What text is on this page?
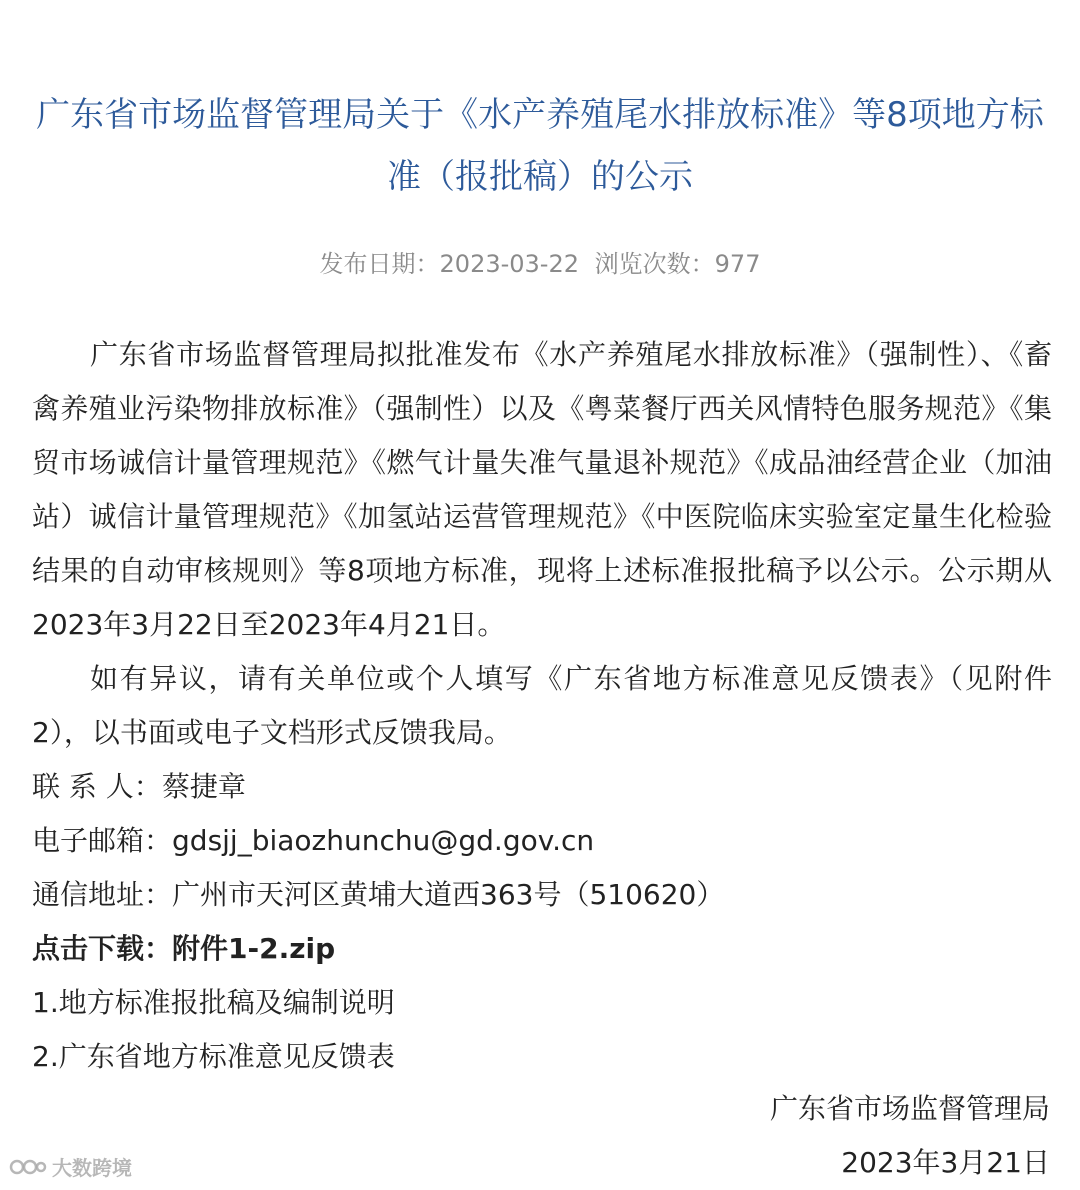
广东省市场监督管理局关于《水产养殖尾水排放标准》等8项地方标准（报批稿）的公示
发布日期：2023-03-22 浏览次数：977

广东省市场监督管理局拟批准发布《水产养殖尾水排放标准》（强制性）、《畜禽养殖业污染物排放标准》（强制性）以及《粤菜餐厅西关风情特色服务规范》《集贸市场诚信计量管理规范》《燃气计量失准气量退补规范》《成品油经营企业（加油站）诚信计量管理规范》《加氢站运营管理规范》《中医院临床实验室定量生化检验结果的自动审核规则》等8项地方标准，现将上述标准报批稿予以公示。公示期从2023年3月22日至2023年4月21日。

如有异议，请有关单位或个人填写《广东省地方标准意见反馈表》（见附件2），以书面或电子文档形式反馈我局。

联 系 人：蔡捷章

电子邮箱：gdsjj_biaozhunchu@gd.gov.cn

通信地址：广州市天河区黄埔大道西363号（510620）

点击下载：附件1-2.zip

1.地方标准报批稿及编制说明

2.广东省地方标准意见反馈表

广东省市场监督管理局
2023年3月21日
大数跨境
